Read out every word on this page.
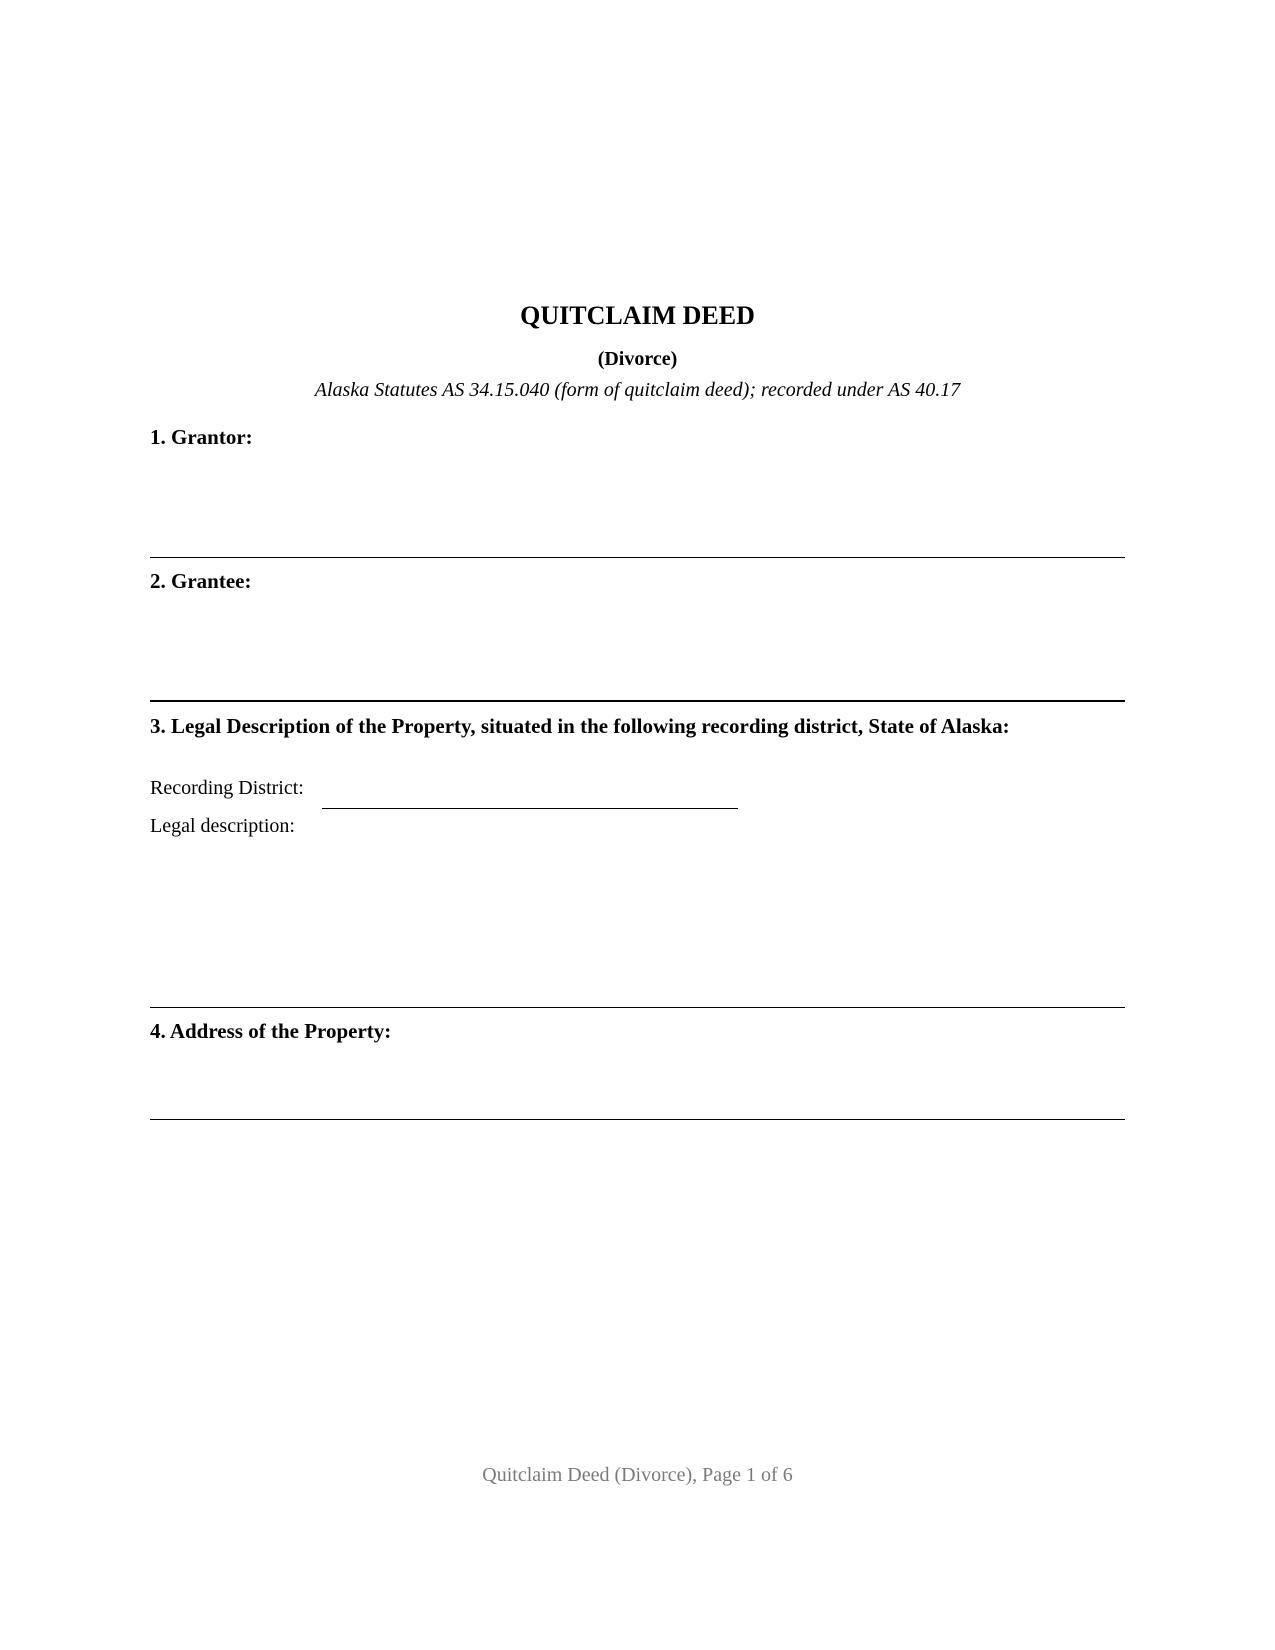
QUITCLAIM DEED
(Divorce)
Alaska Statutes AS 34.15.040 (form of quitclaim deed); recorded under AS 40.17
1. Grantor:
2. Grantee:
3. Legal Description of the Property, situated in the following recording district, State of Alaska:
Recording District:
Legal description:
4. Address of the Property:
Quitclaim Deed (Divorce), Page 1 of 6
